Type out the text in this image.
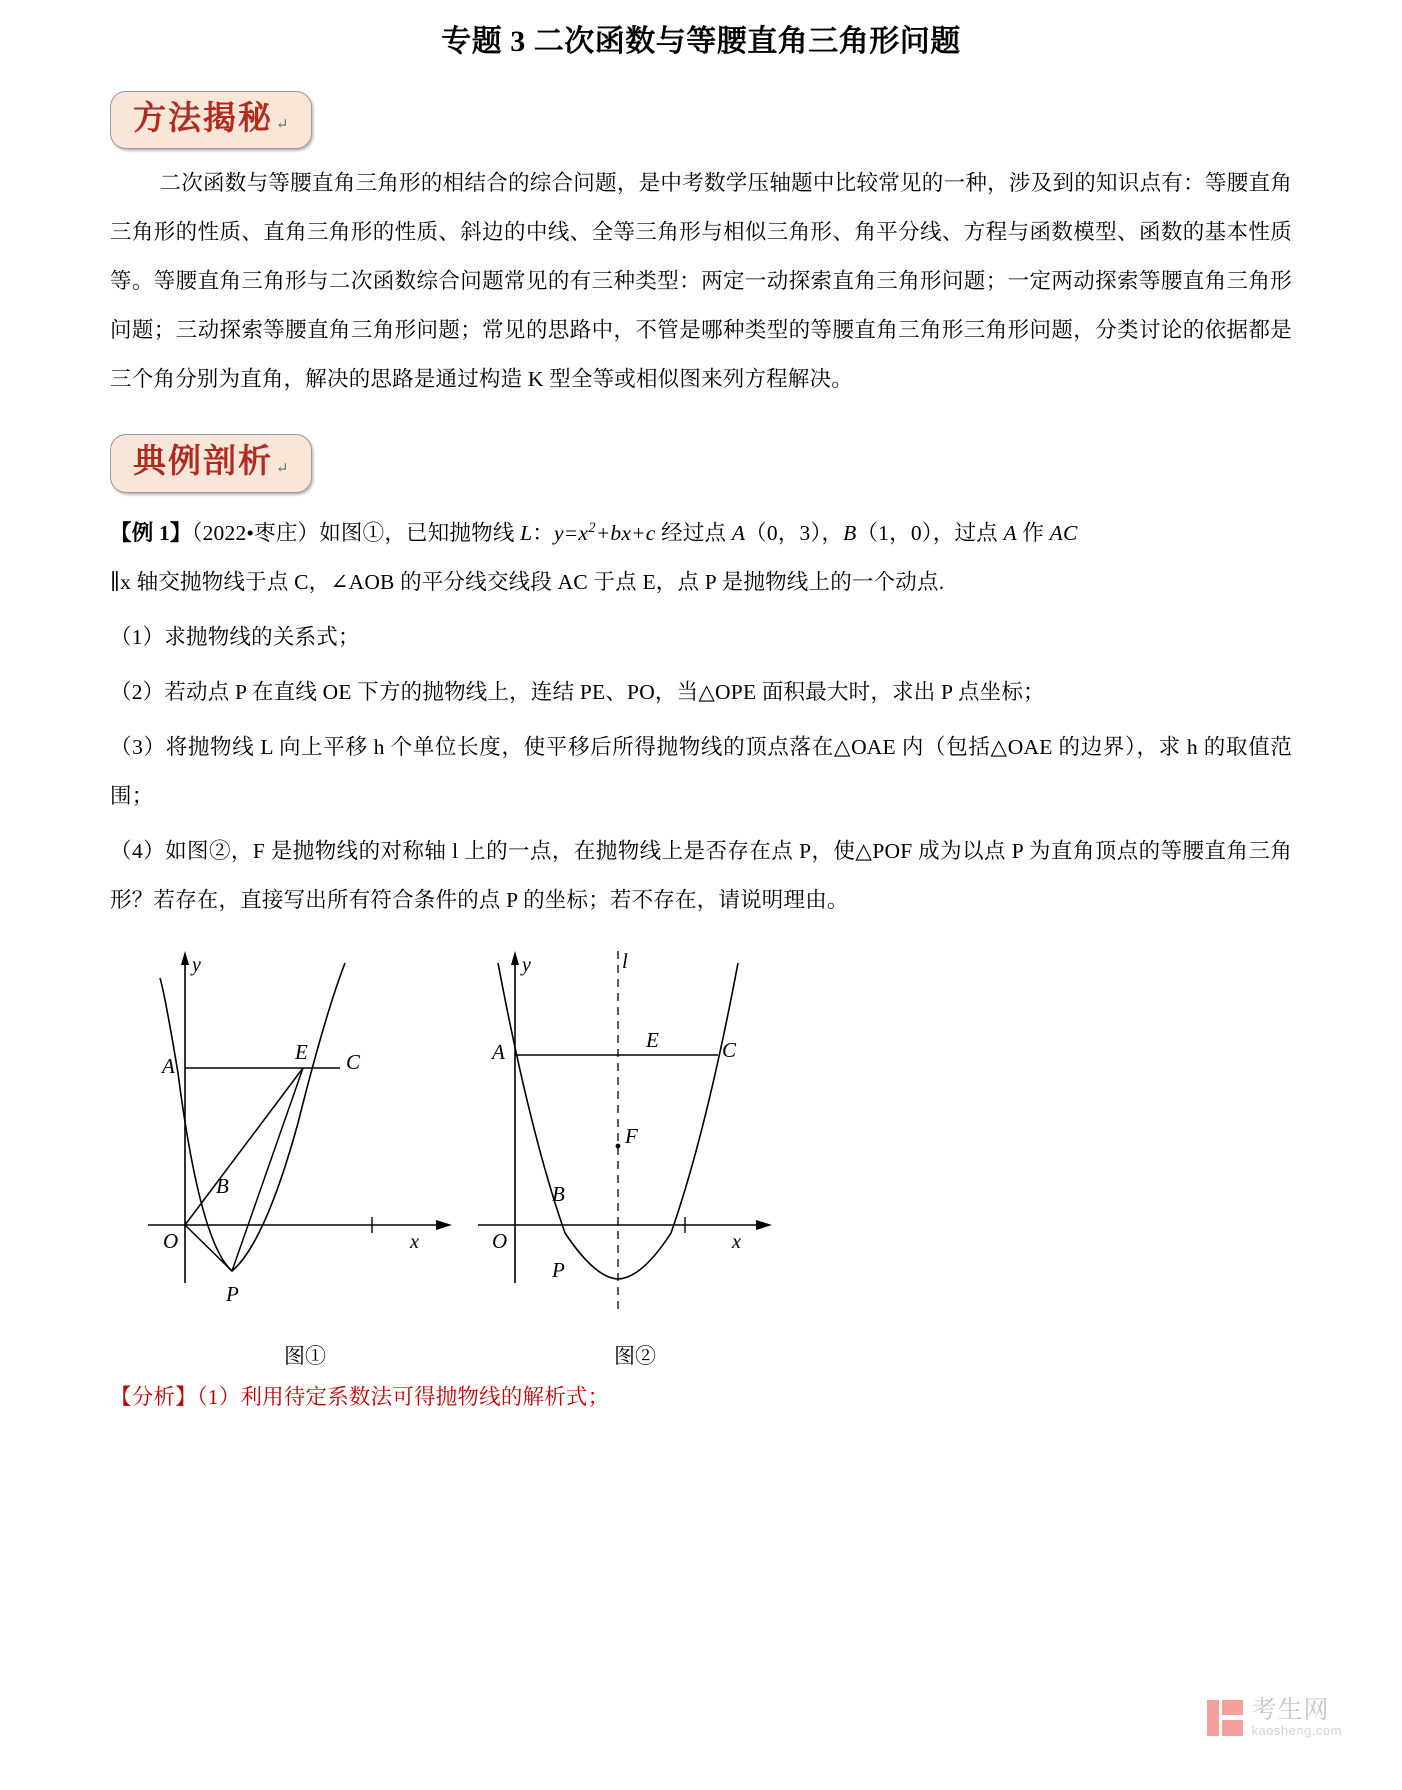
专题 3 二次函数与等腰直角三角形问题
方法揭秘 ↵

二次函数与等腰直角三角形的相结合的综合问题，是中考数学压轴题中比较常见的一种，涉及到的知识点有：等腰直角三角形的性质、直角三角形的性质、斜边的中线、全等三角形与相似三角形、角平分线、方程与函数模型、函数的基本性质等。等腰直角三角形与二次函数综合问题常见的有三种类型：两定一动探索直角三角形问题；一定两动探索等腰直角三角形问题；三动探索等腰直角三角形问题；常见的思路中，不管是哪种类型的等腰直角三角形三角形问题，分类讨论的依据都是三个角分别为直角，解决的思路是通过构造 K 型全等或相似图来列方程解决。

典例剖析 ↵

【例 1】（2022•枣庄）如图①，已知抛物线 L：$y=x^2+bx+c$ 经过点 A（0，3），B（1，0），过点 A 作 AC

∥x 轴交抛物线于点 C，∠AOB 的平分线交线段 AC 于点 E，点 P 是抛物线上的一个动点.

（1）求抛物线的关系式；

（2）若动点 P 在直线 OE 下方的抛物线上，连结 PE、PO，当△OPE 面积最大时，求出 P 点坐标；

（3）将抛物线 L 向上平移 h 个单位长度，使平移后所得抛物线的顶点落在△OAE 内（包括△OAE 的边界），求 h 的取值范围；

（4）如图②，F 是抛物线的对称轴 l 上的一点，在抛物线上是否存在点 P，使△POF 成为以点 P 为直角顶点的等腰直角三角形？若存在，直接写出所有符合条件的点 P 的坐标；若不存在，请说明理由。

A
E C
B
O
P
x
y
图①
l
A	E	C
B
O
F
P
x
y
图②
【分析】（1）利用待定系数法可得抛物线的解析式；
考生网
kaosheng.com
